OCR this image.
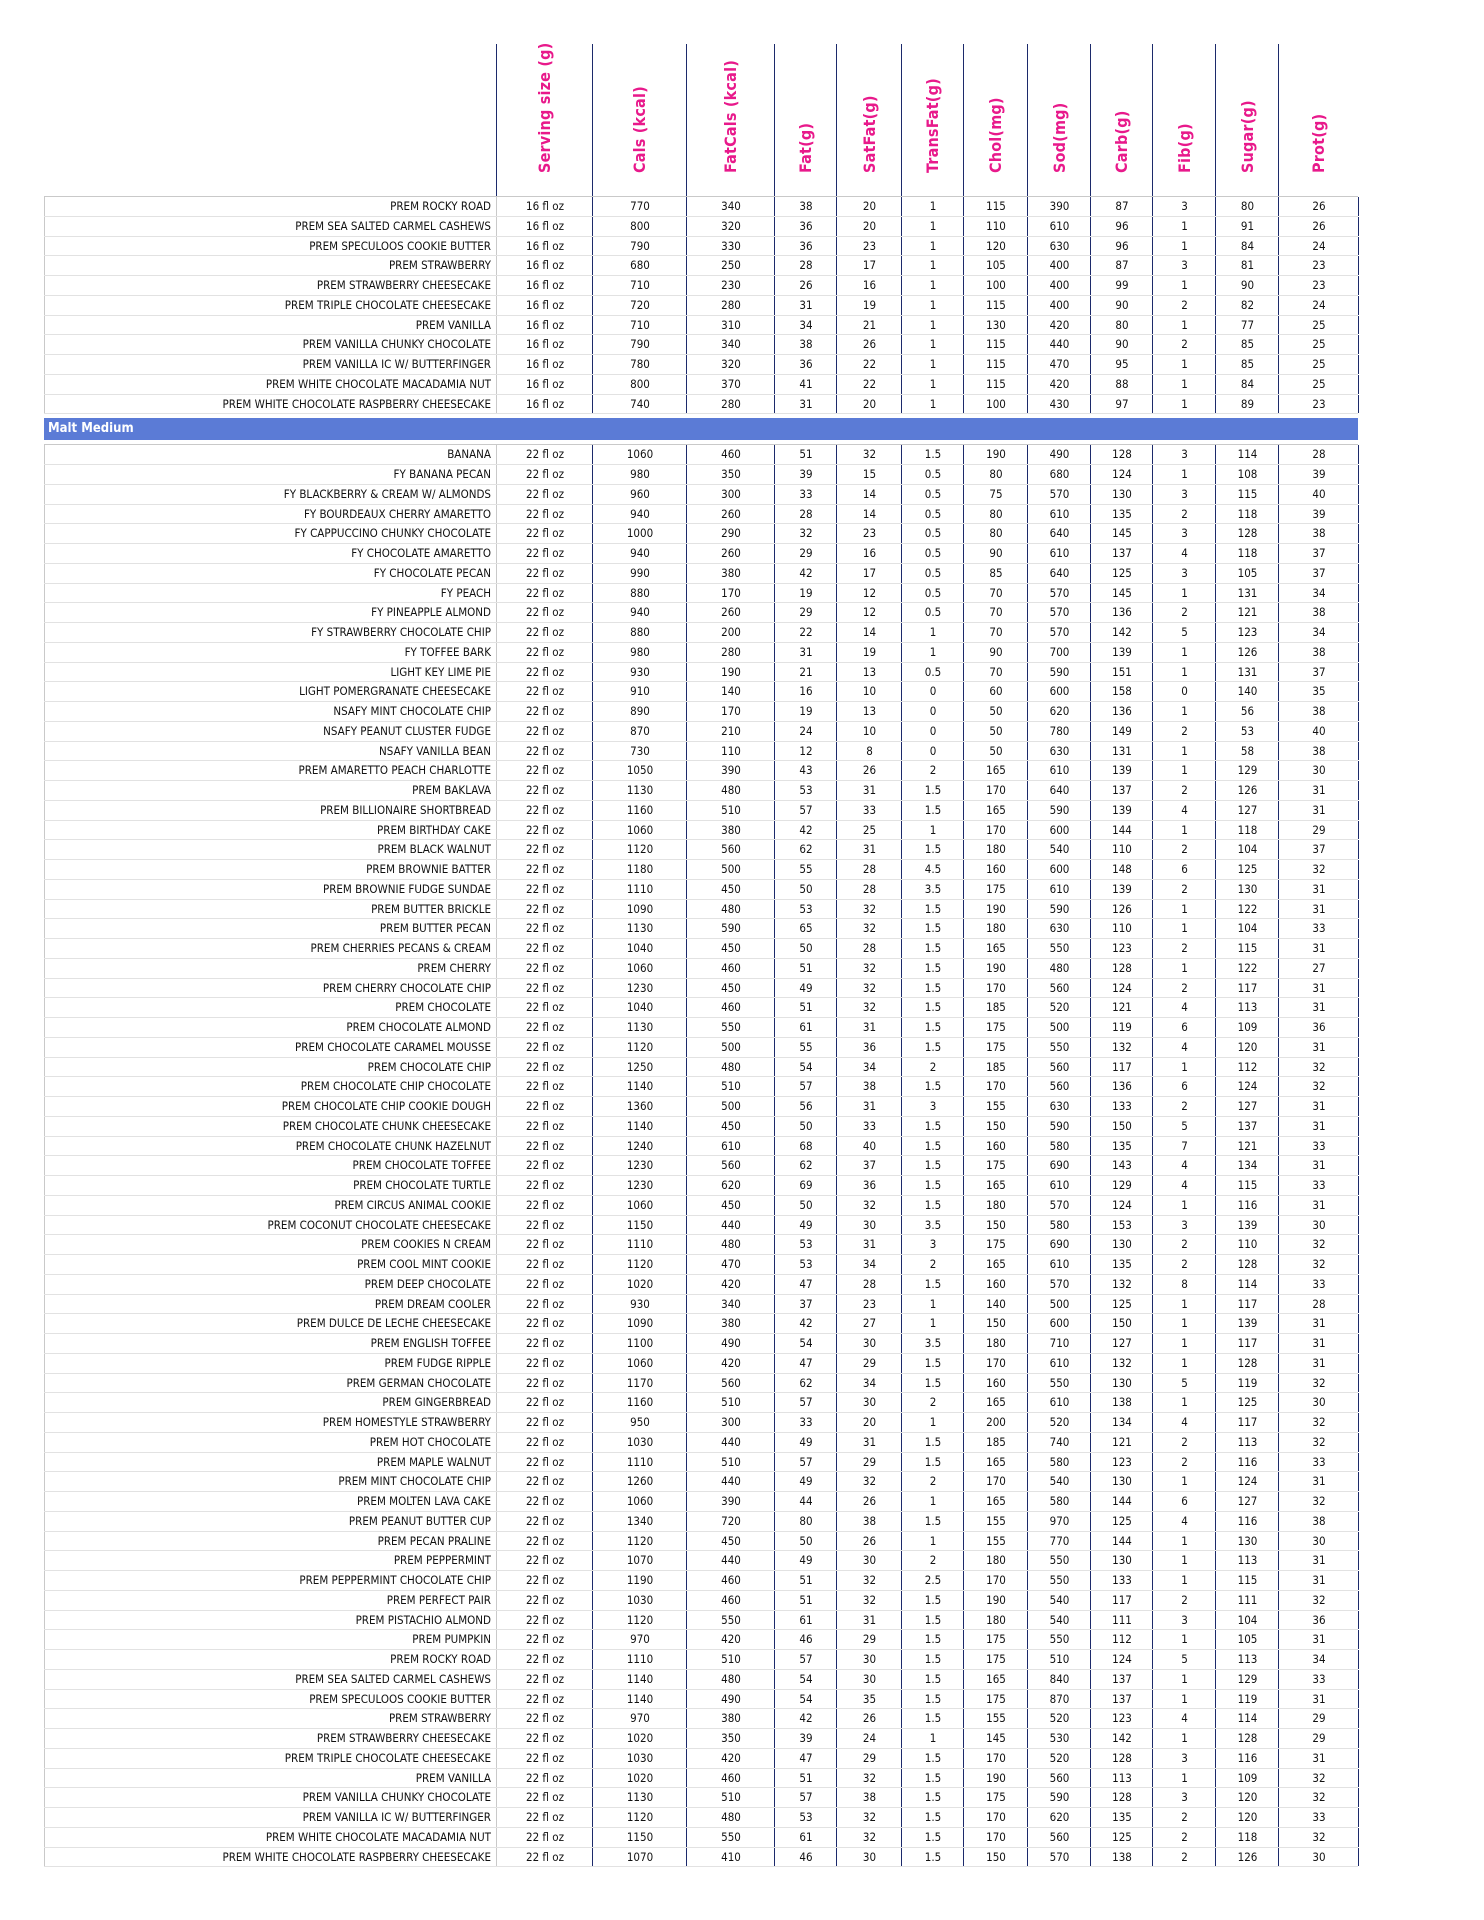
Serving size (g)	Cals (kcal)	FatCals (kcal)	Fat(g)	SatFat(g)	TransFat(g)	Chol(mg)	Sod(mg)	Carb(g)	Fib(g)	Sugar(g)	Prot(g)
PREM ROCKY ROAD	16 fl oz	770	340	38	20	1	115	390	87	3	80	26
PREM SEA SALTED CARMEL CASHEWS	16 fl oz	800	320	36	20	1	110	610	96	1	91	26
PREM SPECULOOS COOKIE BUTTER	16 fl oz	790	330	36	23	1	120	630	96	1	84	24
PREM STRAWBERRY	16 fl oz	680	250	28	17	1	105	400	87	3	81	23
PREM STRAWBERRY CHEESECAKE	16 fl oz	710	230	26	16	1	100	400	99	1	90	23
PREM TRIPLE CHOCOLATE CHEESECAKE	16 fl oz	720	280	31	19	1	115	400	90	2	82	24
PREM VANILLA	16 fl oz	710	310	34	21	1	130	420	80	1	77	25
PREM VANILLA CHUNKY CHOCOLATE	16 fl oz	790	340	38	26	1	115	440	90	2	85	25
PREM VANILLA IC W/ BUTTERFINGER	16 fl oz	780	320	36	22	1	115	470	95	1	85	25
PREM WHITE CHOCOLATE MACADAMIA NUT	16 fl oz	800	370	41	22	1	115	420	88	1	84	25
PREM WHITE CHOCOLATE RASPBERRY CHEESECAKE	16 fl oz	740	280	31	20	1	100	430	97	1	89	23
Malt Medium
BANANA	22 fl oz	1060	460	51	32	1.5	190	490	128	3	114	28
FY BANANA PECAN	22 fl oz	980	350	39	15	0.5	80	680	124	1	108	39
FY BLACKBERRY & CREAM W/ ALMONDS	22 fl oz	960	300	33	14	0.5	75	570	130	3	115	40
FY BOURDEAUX CHERRY AMARETTO	22 fl oz	940	260	28	14	0.5	80	610	135	2	118	39
FY CAPPUCCINO CHUNKY CHOCOLATE	22 fl oz	1000	290	32	23	0.5	80	640	145	3	128	38
FY CHOCOLATE AMARETTO	22 fl oz	940	260	29	16	0.5	90	610	137	4	118	37
FY CHOCOLATE PECAN	22 fl oz	990	380	42	17	0.5	85	640	125	3	105	37
FY PEACH	22 fl oz	880	170	19	12	0.5	70	570	145	1	131	34
FY PINEAPPLE ALMOND	22 fl oz	940	260	29	12	0.5	70	570	136	2	121	38
FY STRAWBERRY CHOCOLATE CHIP	22 fl oz	880	200	22	14	1	70	570	142	5	123	34
FY TOFFEE BARK	22 fl oz	980	280	31	19	1	90	700	139	1	126	38
LIGHT KEY LIME PIE	22 fl oz	930	190	21	13	0.5	70	590	151	1	131	37
LIGHT POMERGRANATE CHEESECAKE	22 fl oz	910	140	16	10	0	60	600	158	0	140	35
NSAFY MINT CHOCOLATE CHIP	22 fl oz	890	170	19	13	0	50	620	136	1	56	38
NSAFY PEANUT CLUSTER FUDGE	22 fl oz	870	210	24	10	0	50	780	149	2	53	40
NSAFY VANILLA BEAN	22 fl oz	730	110	12	8	0	50	630	131	1	58	38
PREM AMARETTO PEACH CHARLOTTE	22 fl oz	1050	390	43	26	2	165	610	139	1	129	30
PREM BAKLAVA	22 fl oz	1130	480	53	31	1.5	170	640	137	2	126	31
PREM BILLIONAIRE SHORTBREAD	22 fl oz	1160	510	57	33	1.5	165	590	139	4	127	31
PREM BIRTHDAY CAKE	22 fl oz	1060	380	42	25	1	170	600	144	1	118	29
PREM BLACK WALNUT	22 fl oz	1120	560	62	31	1.5	180	540	110	2	104	37
PREM BROWNIE BATTER	22 fl oz	1180	500	55	28	4.5	160	600	148	6	125	32
PREM BROWNIE FUDGE SUNDAE	22 fl oz	1110	450	50	28	3.5	175	610	139	2	130	31
PREM BUTTER BRICKLE	22 fl oz	1090	480	53	32	1.5	190	590	126	1	122	31
PREM BUTTER PECAN	22 fl oz	1130	590	65	32	1.5	180	630	110	1	104	33
PREM CHERRIES PECANS & CREAM	22 fl oz	1040	450	50	28	1.5	165	550	123	2	115	31
PREM CHERRY	22 fl oz	1060	460	51	32	1.5	190	480	128	1	122	27
PREM CHERRY CHOCOLATE CHIP	22 fl oz	1230	450	49	32	1.5	170	560	124	2	117	31
PREM CHOCOLATE	22 fl oz	1040	460	51	32	1.5	185	520	121	4	113	31
PREM CHOCOLATE ALMOND	22 fl oz	1130	550	61	31	1.5	175	500	119	6	109	36
PREM CHOCOLATE CARAMEL MOUSSE	22 fl oz	1120	500	55	36	1.5	175	550	132	4	120	31
PREM CHOCOLATE CHIP	22 fl oz	1250	480	54	34	2	185	560	117	1	112	32
PREM CHOCOLATE CHIP CHOCOLATE	22 fl oz	1140	510	57	38	1.5	170	560	136	6	124	32
PREM CHOCOLATE CHIP COOKIE DOUGH	22 fl oz	1360	500	56	31	3	155	630	133	2	127	31
PREM CHOCOLATE CHUNK CHEESECAKE	22 fl oz	1140	450	50	33	1.5	150	590	150	5	137	31
PREM CHOCOLATE CHUNK HAZELNUT	22 fl oz	1240	610	68	40	1.5	160	580	135	7	121	33
PREM CHOCOLATE TOFFEE	22 fl oz	1230	560	62	37	1.5	175	690	143	4	134	31
PREM CHOCOLATE TURTLE	22 fl oz	1230	620	69	36	1.5	165	610	129	4	115	33
PREM CIRCUS ANIMAL COOKIE	22 fl oz	1060	450	50	32	1.5	180	570	124	1	116	31
PREM COCONUT CHOCOLATE CHEESECAKE	22 fl oz	1150	440	49	30	3.5	150	580	153	3	139	30
PREM COOKIES N CREAM	22 fl oz	1110	480	53	31	3	175	690	130	2	110	32
PREM COOL MINT COOKIE	22 fl oz	1120	470	53	34	2	165	610	135	2	128	32
PREM DEEP CHOCOLATE	22 fl oz	1020	420	47	28	1.5	160	570	132	8	114	33
PREM DREAM COOLER	22 fl oz	930	340	37	23	1	140	500	125	1	117	28
PREM DULCE DE LECHE CHEESECAKE	22 fl oz	1090	380	42	27	1	150	600	150	1	139	31
PREM ENGLISH TOFFEE	22 fl oz	1100	490	54	30	3.5	180	710	127	1	117	31
PREM FUDGE RIPPLE	22 fl oz	1060	420	47	29	1.5	170	610	132	1	128	31
PREM GERMAN CHOCOLATE	22 fl oz	1170	560	62	34	1.5	160	550	130	5	119	32
PREM GINGERBREAD	22 fl oz	1160	510	57	30	2	165	610	138	1	125	30
PREM HOMESTYLE STRAWBERRY	22 fl oz	950	300	33	20	1	200	520	134	4	117	32
PREM HOT CHOCOLATE	22 fl oz	1030	440	49	31	1.5	185	740	121	2	113	32
PREM MAPLE WALNUT	22 fl oz	1110	510	57	29	1.5	165	580	123	2	116	33
PREM MINT CHOCOLATE CHIP	22 fl oz	1260	440	49	32	2	170	540	130	1	124	31
PREM MOLTEN LAVA CAKE	22 fl oz	1060	390	44	26	1	165	580	144	6	127	32
PREM PEANUT BUTTER CUP	22 fl oz	1340	720	80	38	1.5	155	970	125	4	116	38
PREM PECAN PRALINE	22 fl oz	1120	450	50	26	1	155	770	144	1	130	30
PREM PEPPERMINT	22 fl oz	1070	440	49	30	2	180	550	130	1	113	31
PREM PEPPERMINT CHOCOLATE CHIP	22 fl oz	1190	460	51	32	2.5	170	550	133	1	115	31
PREM PERFECT PAIR	22 fl oz	1030	460	51	32	1.5	190	540	117	2	111	32
PREM PISTACHIO ALMOND	22 fl oz	1120	550	61	31	1.5	180	540	111	3	104	36
PREM PUMPKIN	22 fl oz	970	420	46	29	1.5	175	550	112	1	105	31
PREM ROCKY ROAD	22 fl oz	1110	510	57	30	1.5	175	510	124	5	113	34
PREM SEA SALTED CARMEL CASHEWS	22 fl oz	1140	480	54	30	1.5	165	840	137	1	129	33
PREM SPECULOOS COOKIE BUTTER	22 fl oz	1140	490	54	35	1.5	175	870	137	1	119	31
PREM STRAWBERRY	22 fl oz	970	380	42	26	1.5	155	520	123	4	114	29
PREM STRAWBERRY CHEESECAKE	22 fl oz	1020	350	39	24	1	145	530	142	1	128	29
PREM TRIPLE CHOCOLATE CHEESECAKE	22 fl oz	1030	420	47	29	1.5	170	520	128	3	116	31
PREM VANILLA	22 fl oz	1020	460	51	32	1.5	190	560	113	1	109	32
PREM VANILLA CHUNKY CHOCOLATE	22 fl oz	1130	510	57	38	1.5	175	590	128	3	120	32
PREM VANILLA IC W/ BUTTERFINGER	22 fl oz	1120	480	53	32	1.5	170	620	135	2	120	33
PREM WHITE CHOCOLATE MACADAMIA NUT	22 fl oz	1150	550	61	32	1.5	170	560	125	2	118	32
PREM WHITE CHOCOLATE RASPBERRY CHEESECAKE	22 fl oz	1070	410	46	30	1.5	150	570	138	2	126	30
